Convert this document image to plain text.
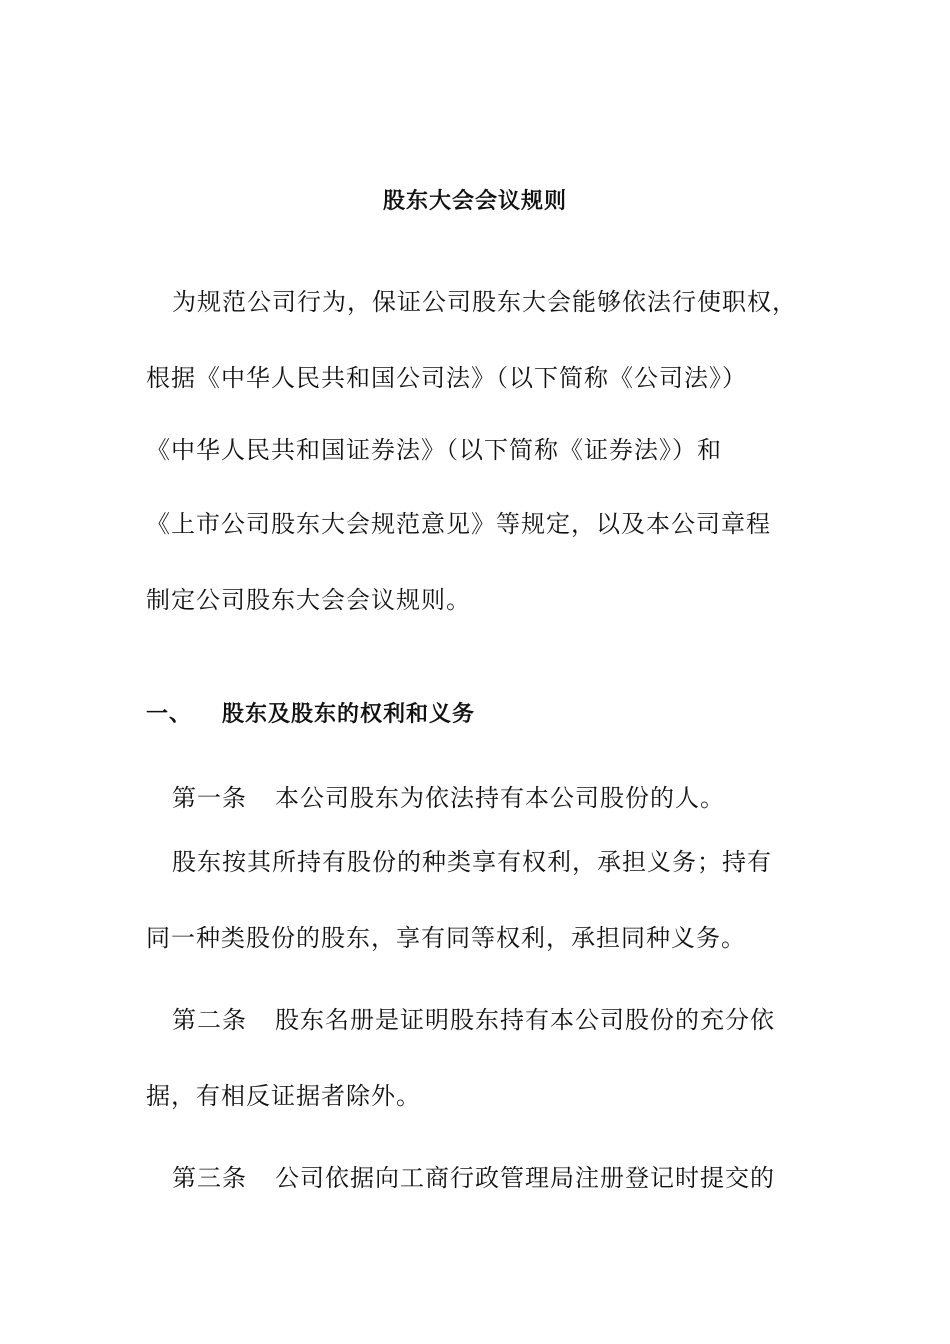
股东大会会议规则
为规范公司行为，保证公司股东大会能够依法行使职权，
根据《中华人民共和国公司法》（以下简称《公司法》）
《中华人民共和国证券法》（以下简称《证券法》）和
《上市公司股东大会规范意见》等规定，以及本公司章程
制定公司股东大会会议规则。
一、 股东及股东的权利和义务
第一条 本公司股东为依法持有本公司股份的人。
股东按其所持有股份的种类享有权利，承担义务；持有
同一种类股份的股东，享有同等权利，承担同种义务。
第二条 股东名册是证明股东持有本公司股份的充分依
据，有相反证据者除外。
第三条 公司依据向工商行政管理局注册登记时提交的
